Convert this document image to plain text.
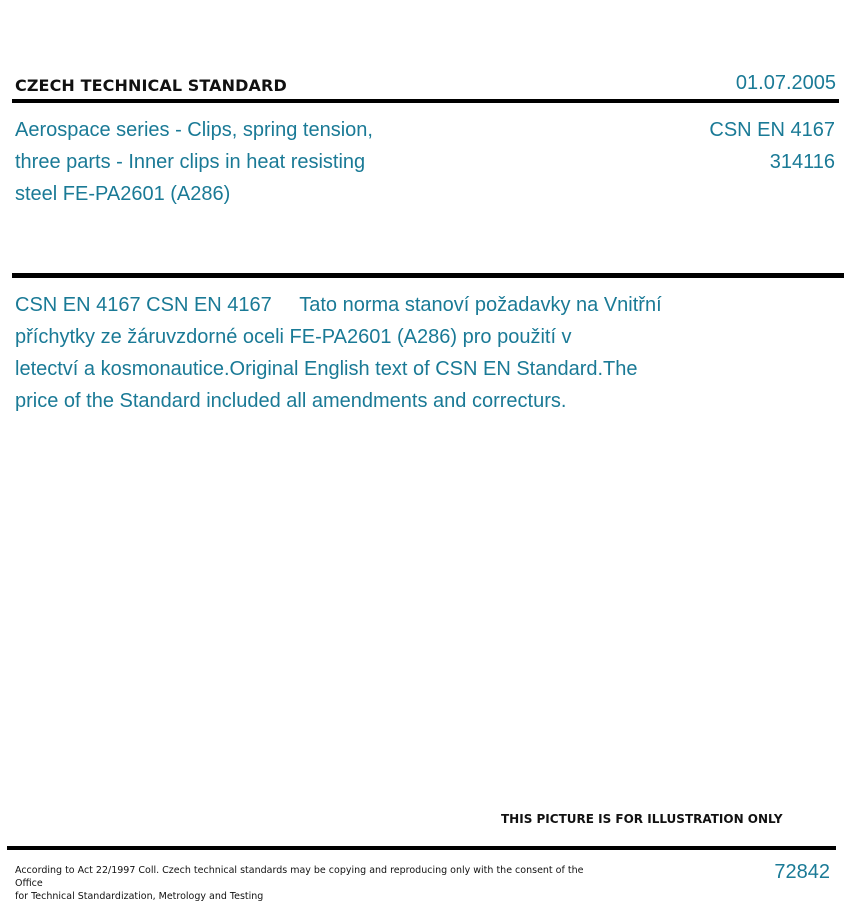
CZECH TECHNICAL STANDARD	01.07.2005
Aerospace series - Clips, spring tension,
three parts - Inner clips in heat resisting
steel FE-PA2601 (A286)
CSN EN 4167
314116
CSN EN 4167 CSN EN 4167     Tato norma stanoví požadavky na Vnitřní
příchytky ze žáruvzdorné oceli FE-PA2601 (A286) pro použití v
letectví a kosmonautice.Original English text of CSN EN Standard.The
price of the Standard included all amendments and correcturs.
THIS PICTURE IS FOR ILLUSTRATION ONLY
According to Act 22/1997 Coll. Czech technical standards may be copying and reproducing only with the consent of the Office
for Technical Standardization, Metrology and Testing
72842
